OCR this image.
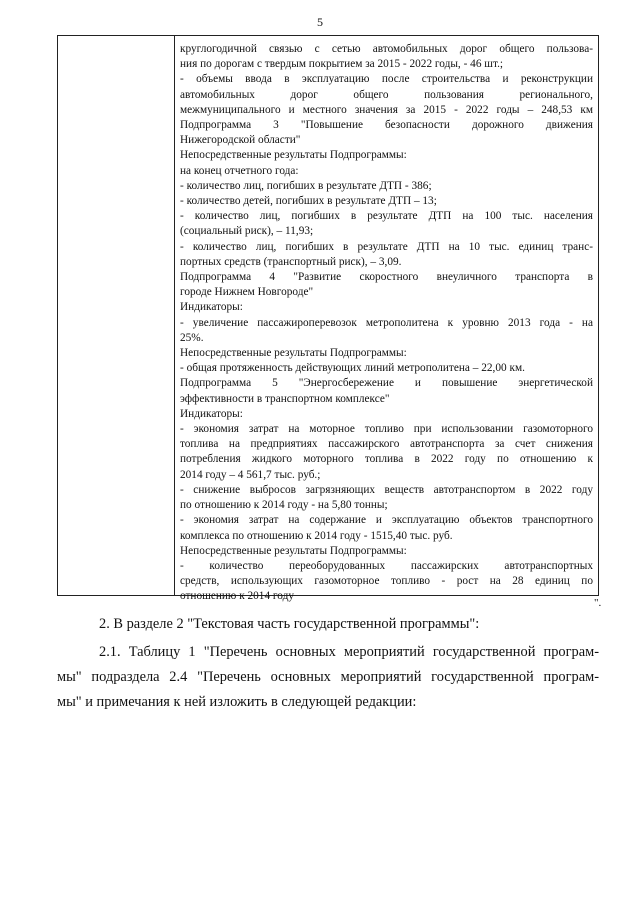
5
круглогодичной связью с сетью автомобильных дорог общего пользова-
ния по дорогам с твердым покрытием за 2015 - 2022 годы, - 46 шт.;
- объемы ввода в эксплуатацию после строительства и реконструкции
автомобильных дорог общего пользования регионального,
межмуниципального и местного значения за 2015 - 2022 годы – 248,53 км
Подпрограмма 3 "Повышение безопасности дорожного движения
Нижегородской области"
Непосредственные результаты Подпрограммы:
на конец отчетного года:
- количество лиц, погибших в результате ДТП - 386;
- количество детей, погибших в результате ДТП – 13;
- количество лиц, погибших в результате ДТП на 100 тыс. населения
(социальный риск), – 11,93;
- количество лиц, погибших в результате ДТП на 10 тыс. единиц транс-
портных средств (транспортный риск), – 3,09.
Подпрограмма 4 "Развитие скоростного внеуличного транспорта в
городе Нижнем Новгороде"
Индикаторы:
- увеличение пассажироперевозок метрополитена к уровню 2013 года - на
25%.
Непосредственные результаты Подпрограммы:
- общая протяженность действующих линий метрополитена – 22,00 км.
Подпрограмма 5 "Энергосбережение и повышение энергетической
эффективности в транспортном комплексе"
Индикаторы:
- экономия затрат на моторное топливо при использовании газомоторного
топлива на предприятиях пассажирского автотранспорта за счет снижения
потребления жидкого моторного топлива в 2022 году по отношению к
2014 году – 4 561,7 тыс. руб.;
- снижение выбросов загрязняющих веществ автотранспортом в 2022 году
по отношению к 2014 году - на 5,80 тонны;
- экономия затрат на содержание и эксплуатацию объектов транспортного
комплекса по отношению к 2014 году - 1515,40 тыс. руб.
Непосредственные результаты Подпрограммы:
- количество переоборудованных пассажирских автотранспортных
средств, использующих газомоторное топливо - рост на 28 единиц по
отношению к 2014 году
".
2. В разделе 2 "Текстовая часть государственной программы":
2.1. Таблицу 1 "Перечень основных мероприятий государственной програм-
мы" подраздела 2.4 "Перечень основных мероприятий государственной програм-
мы" и примечания к ней изложить в следующей редакции:
